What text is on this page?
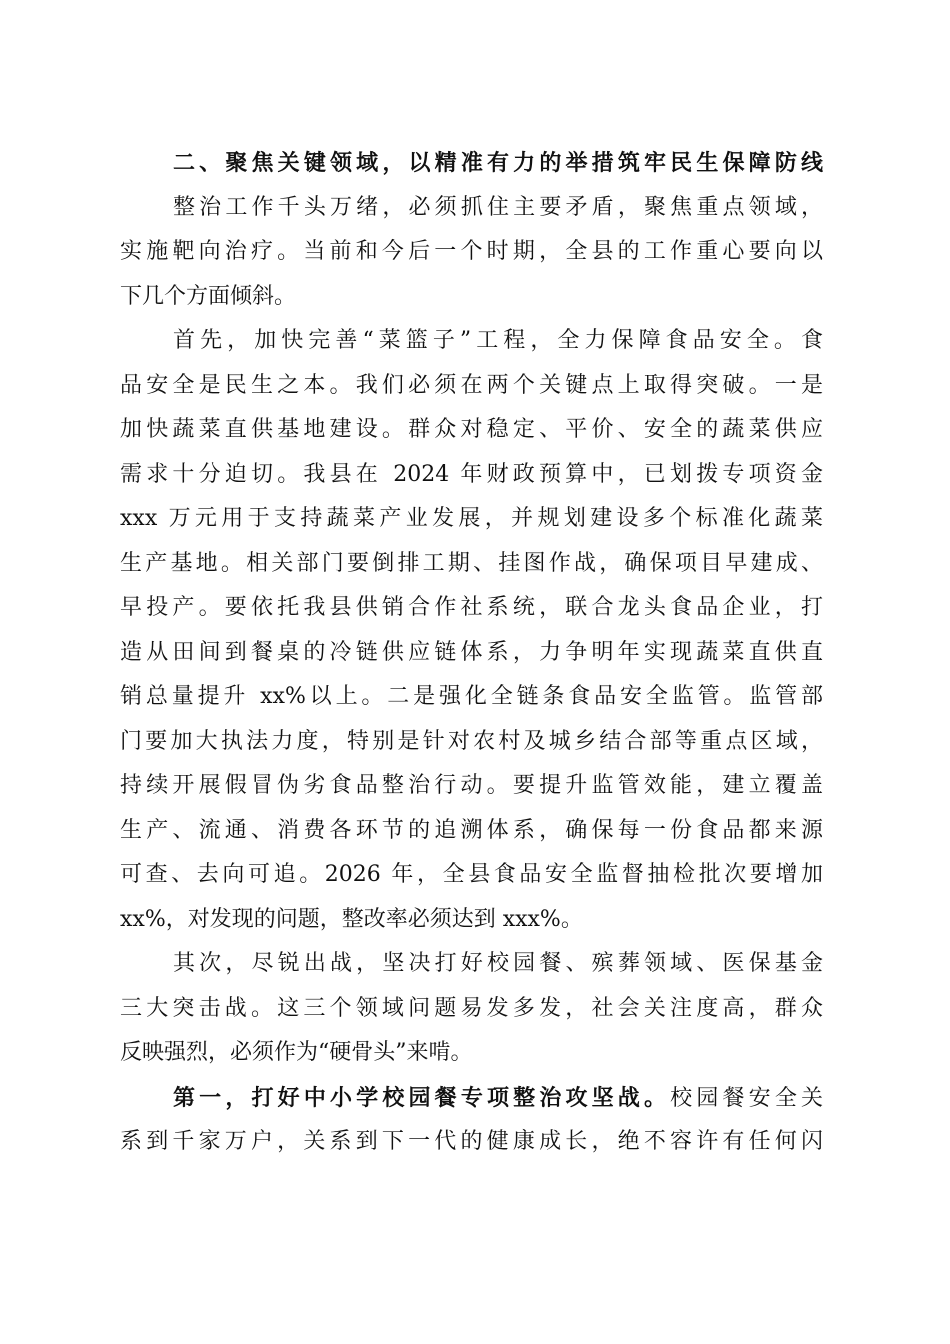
二、聚焦关键领域，以精准有力的举措筑牢民生保障防线
整治工作千头万绪，必须抓住主要矛盾，聚焦重点领域，
实施靶向治疗。当前和今后一个时期，全县的工作重心要向以
下几个方面倾斜。
首先，加快完善“菜篮子”工程，全力保障食品安全。食
品安全是民生之本。我们必须在两个关键点上取得突破。一是
加快蔬菜直供基地建设。群众对稳定、平价、安全的蔬菜供应
需求十分迫切。我县在 2024 年财政预算中，已划拨专项资金
xxx 万元用于支持蔬菜产业发展，并规划建设多个标准化蔬菜
生产基地。相关部门要倒排工期、挂图作战，确保项目早建成、
早投产。要依托我县供销合作社系统，联合龙头食品企业，打
造从田间到餐桌的冷链供应链体系，力争明年实现蔬菜直供直
销总量提升 xx%以上。二是强化全链条食品安全监管。监管部
门要加大执法力度，特别是针对农村及城乡结合部等重点区域，
持续开展假冒伪劣食品整治行动。要提升监管效能，建立覆盖
生产、流通、消费各环节的追溯体系，确保每一份食品都来源
可查、去向可追。2026 年，全县食品安全监督抽检批次要增加
xx%，对发现的问题，整改率必须达到 xxx%。
其次，尽锐出战，坚决打好校园餐、殡葬领域、医保基金
三大突击战。这三个领域问题易发多发，社会关注度高，群众
反映强烈，必须作为“硬骨头”来啃。
第一，打好中小学校园餐专项整治攻坚战。校园餐安全关
系到千家万户，关系到下一代的健康成长，绝不容许有任何闪
